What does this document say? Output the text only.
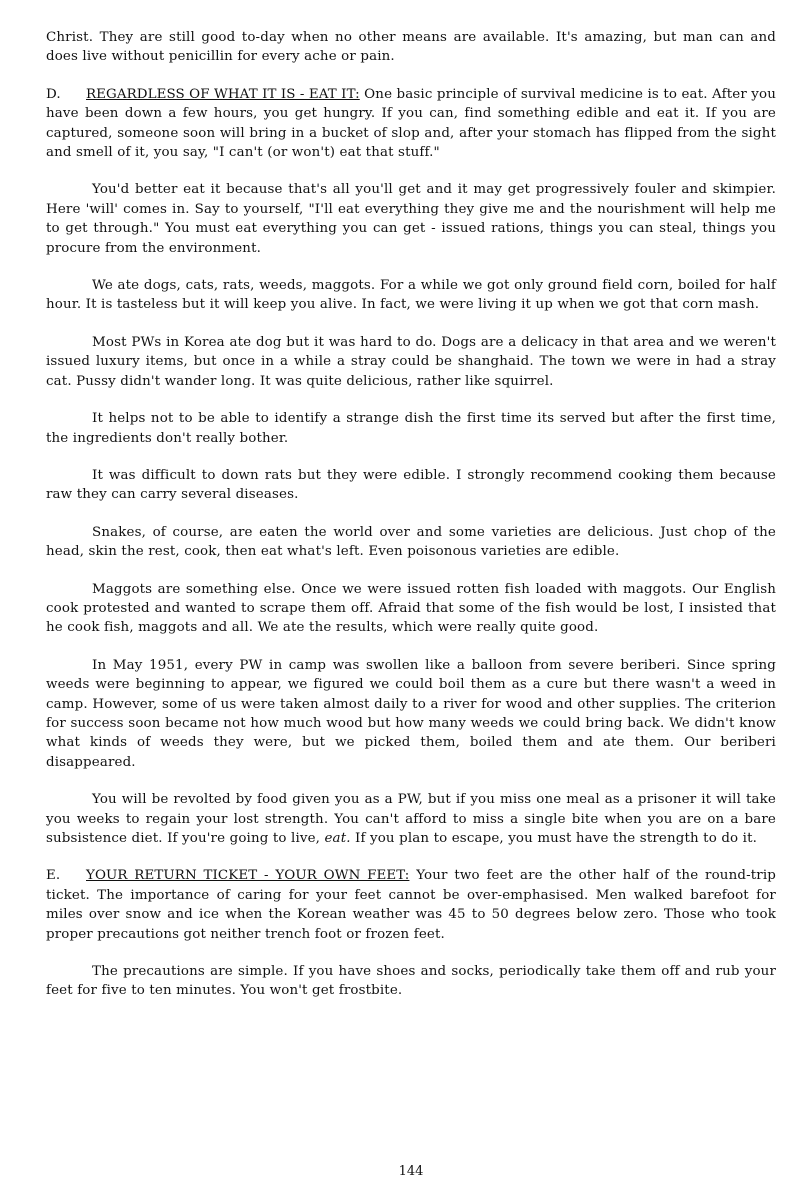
Christ. They are still good to-day when no other means are available. It's amazing, but man can and does live without penicillin for every ache or pain.

D. REGARDLESS OF WHAT IT IS - EAT IT: One basic principle of survival medicine is to eat. After you have been down a few hours, you get hungry. If you can, find something edible and eat it. If you are captured, someone soon will bring in a bucket of slop and, after your stomach has flipped from the sight and smell of it, you say, "I can't (or won't) eat that stuff."

You'd better eat it because that's all you'll get and it may get progressively fouler and skimpier. Here 'will' comes in. Say to yourself, "I'll eat everything they give me and the nourishment will help me to get through." You must eat everything you can get - issued rations, things you can steal, things you procure from the environment.

We ate dogs, cats, rats, weeds, maggots. For a while we got only ground field corn, boiled for half hour. It is tasteless but it will keep you alive. In fact, we were living it up when we got that corn mash.

Most PWs in Korea ate dog but it was hard to do. Dogs are a delicacy in that area and we weren't issued luxury items, but once in a while a stray could be shanghaid. The town we were in had a stray cat. Pussy didn't wander long. It was quite delicious, rather like squirrel.

It helps not to be able to identify a strange dish the first time its served but after the first time, the ingredients don't really bother.

It was difficult to down rats but they were edible. I strongly recommend cooking them because raw they can carry several diseases.

Snakes, of course, are eaten the world over and some varieties are delicious. Just chop of the head, skin the rest, cook, then eat what's left. Even poisonous varieties are edible.

Maggots are something else. Once we were issued rotten fish loaded with maggots. Our English cook protested and wanted to scrape them off. Afraid that some of the fish would be lost, I insisted that he cook fish, maggots and all. We ate the results, which were really quite good.

In May 1951, every PW in camp was swollen like a balloon from severe beriberi. Since spring weeds were beginning to appear, we figured we could boil them as a cure but there wasn't a weed in camp. However, some of us were taken almost daily to a river for wood and other supplies. The criterion for success soon became not how much wood but how many weeds we could bring back. We didn't know what kinds of weeds they were, but we picked them, boiled them and ate them. Our beriberi disappeared.

You will be revolted by food given you as a PW, but if you miss one meal as a prisoner it will take you weeks to regain your lost strength. You can't afford to miss a single bite when you are on a bare subsistence diet. If you're going to live, eat. If you plan to escape, you must have the strength to do it.

E. YOUR RETURN TICKET - YOUR OWN FEET: Your two feet are the other half of the round-trip ticket. The importance of caring for your feet cannot be over-emphasised. Men walked barefoot for miles over snow and ice when the Korean weather was 45 to 50 degrees below zero. Those who took proper precautions got neither trench foot or frozen feet.

The precautions are simple. If you have shoes and socks, periodically take them off and rub your feet for five to ten minutes. You won't get frostbite.

144
